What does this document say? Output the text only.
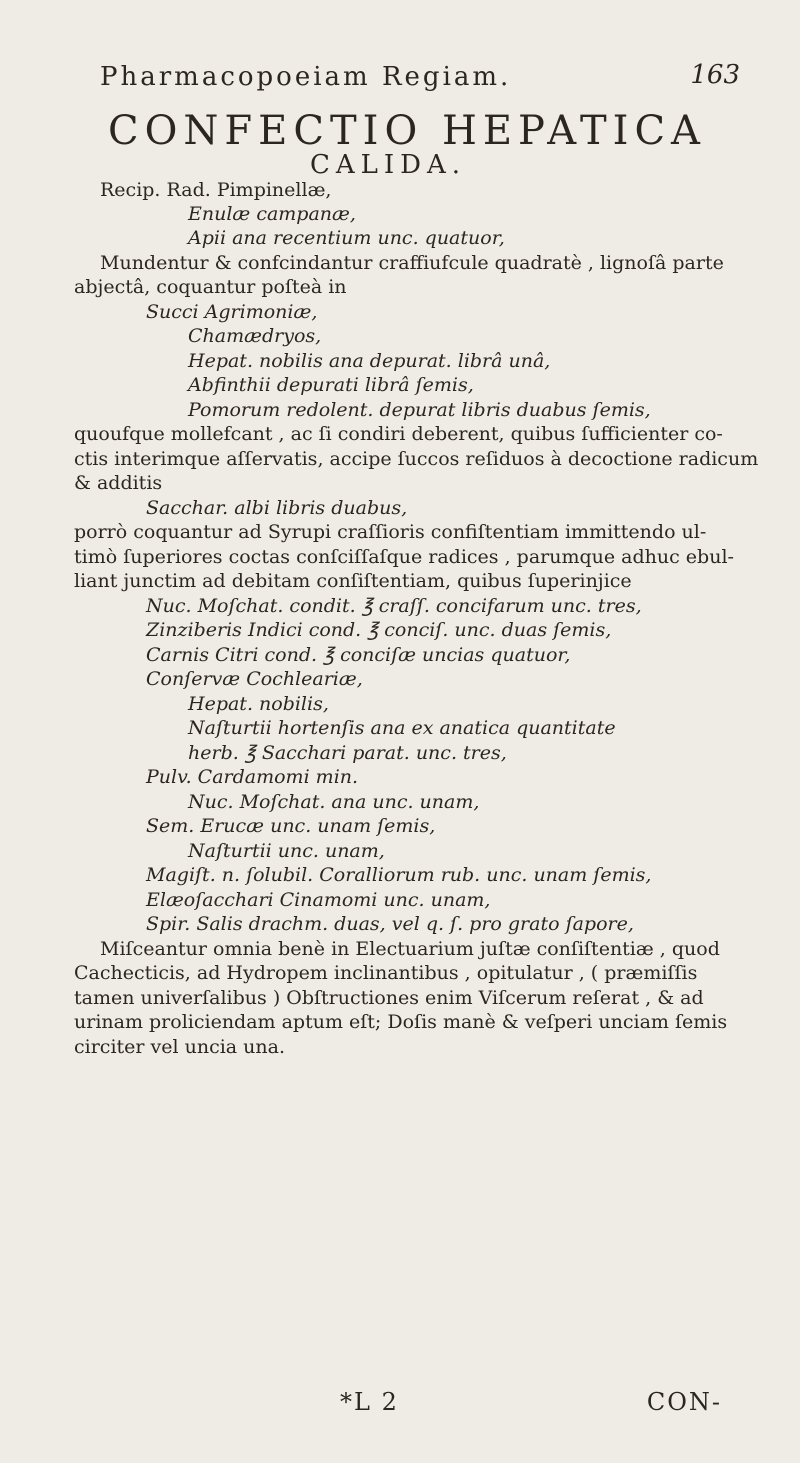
Pharmacopoeiam Regiam.	163
CONFECTIO HEPATICA
CALIDA.
Recip. Rad. Pimpinellæ,
Enulæ campanæ,
Apii ana recentium unc. quatuor,
Mundentur & confcindantur craffiufcule quadratè , lignoſâ parte
abjectâ, coquantur poſteà in
Succi Agrimoniæ,
Chamædryos,
Hepat. nobilis ana depurat. librâ unâ,
Abfinthii depurati librâ ſemis,
Pomorum redolent. depurat libris duabus ſemis,
quoufque mollefcant , ac ſi condiri deberent, quibus ſufficienter co-
ctis interimque aſſervatis, accipe ſuccos reſiduos à decoctione radicum
& additis
Sacchar. albi libris duabus,
porrò coquantur ad Syrupi craſſioris confiſtentiam immittendo ul-
timò ſuperiores coctas conſciſſaſque radices , parumque adhuc ebul-
liant junctim ad debitam conſiſtentiam, quibus ſuperinjice
Nuc. Moſchat. condit. ℥ craſſ. concifarum unc. tres,
Zinziberis Indici cond. ℥ conciſ. unc. duas ſemis,
Carnis Citri cond. ℥ conciſæ uncias quatuor,
Conſervæ Cochleariæ,
Hepat. nobilis,
Naſturtii hortenſis ana ex anatica quantitate
herb. ℥ Sacchari parat. unc. tres,
Pulv. Cardamomi min.
Nuc. Moſchat. ana unc. unam,
Sem. Erucæ unc. unam ſemis,
Naſturtii unc. unam,
Magiſt. n. ſolubil. Coralliorum rub. unc. unam ſemis,
Elæoſacchari Cinamomi unc. unam,
Spir. Salis drachm. duas, vel q. ſ. pro grato ſapore,
Miſceantur omnia benè in Electuarium juſtæ conſiſtentiæ , quod
Cachecticis, ad Hydropem inclinantibus , opitulatur , ( præmiſſis
tamen univerſalibus ) Obſtructiones enim Viſcerum reſerat , & ad
urinam proliciendam aptum eſt; Doſis manè & veſperi unciam ſemis
circiter vel uncia una.
*L 2	CON-
